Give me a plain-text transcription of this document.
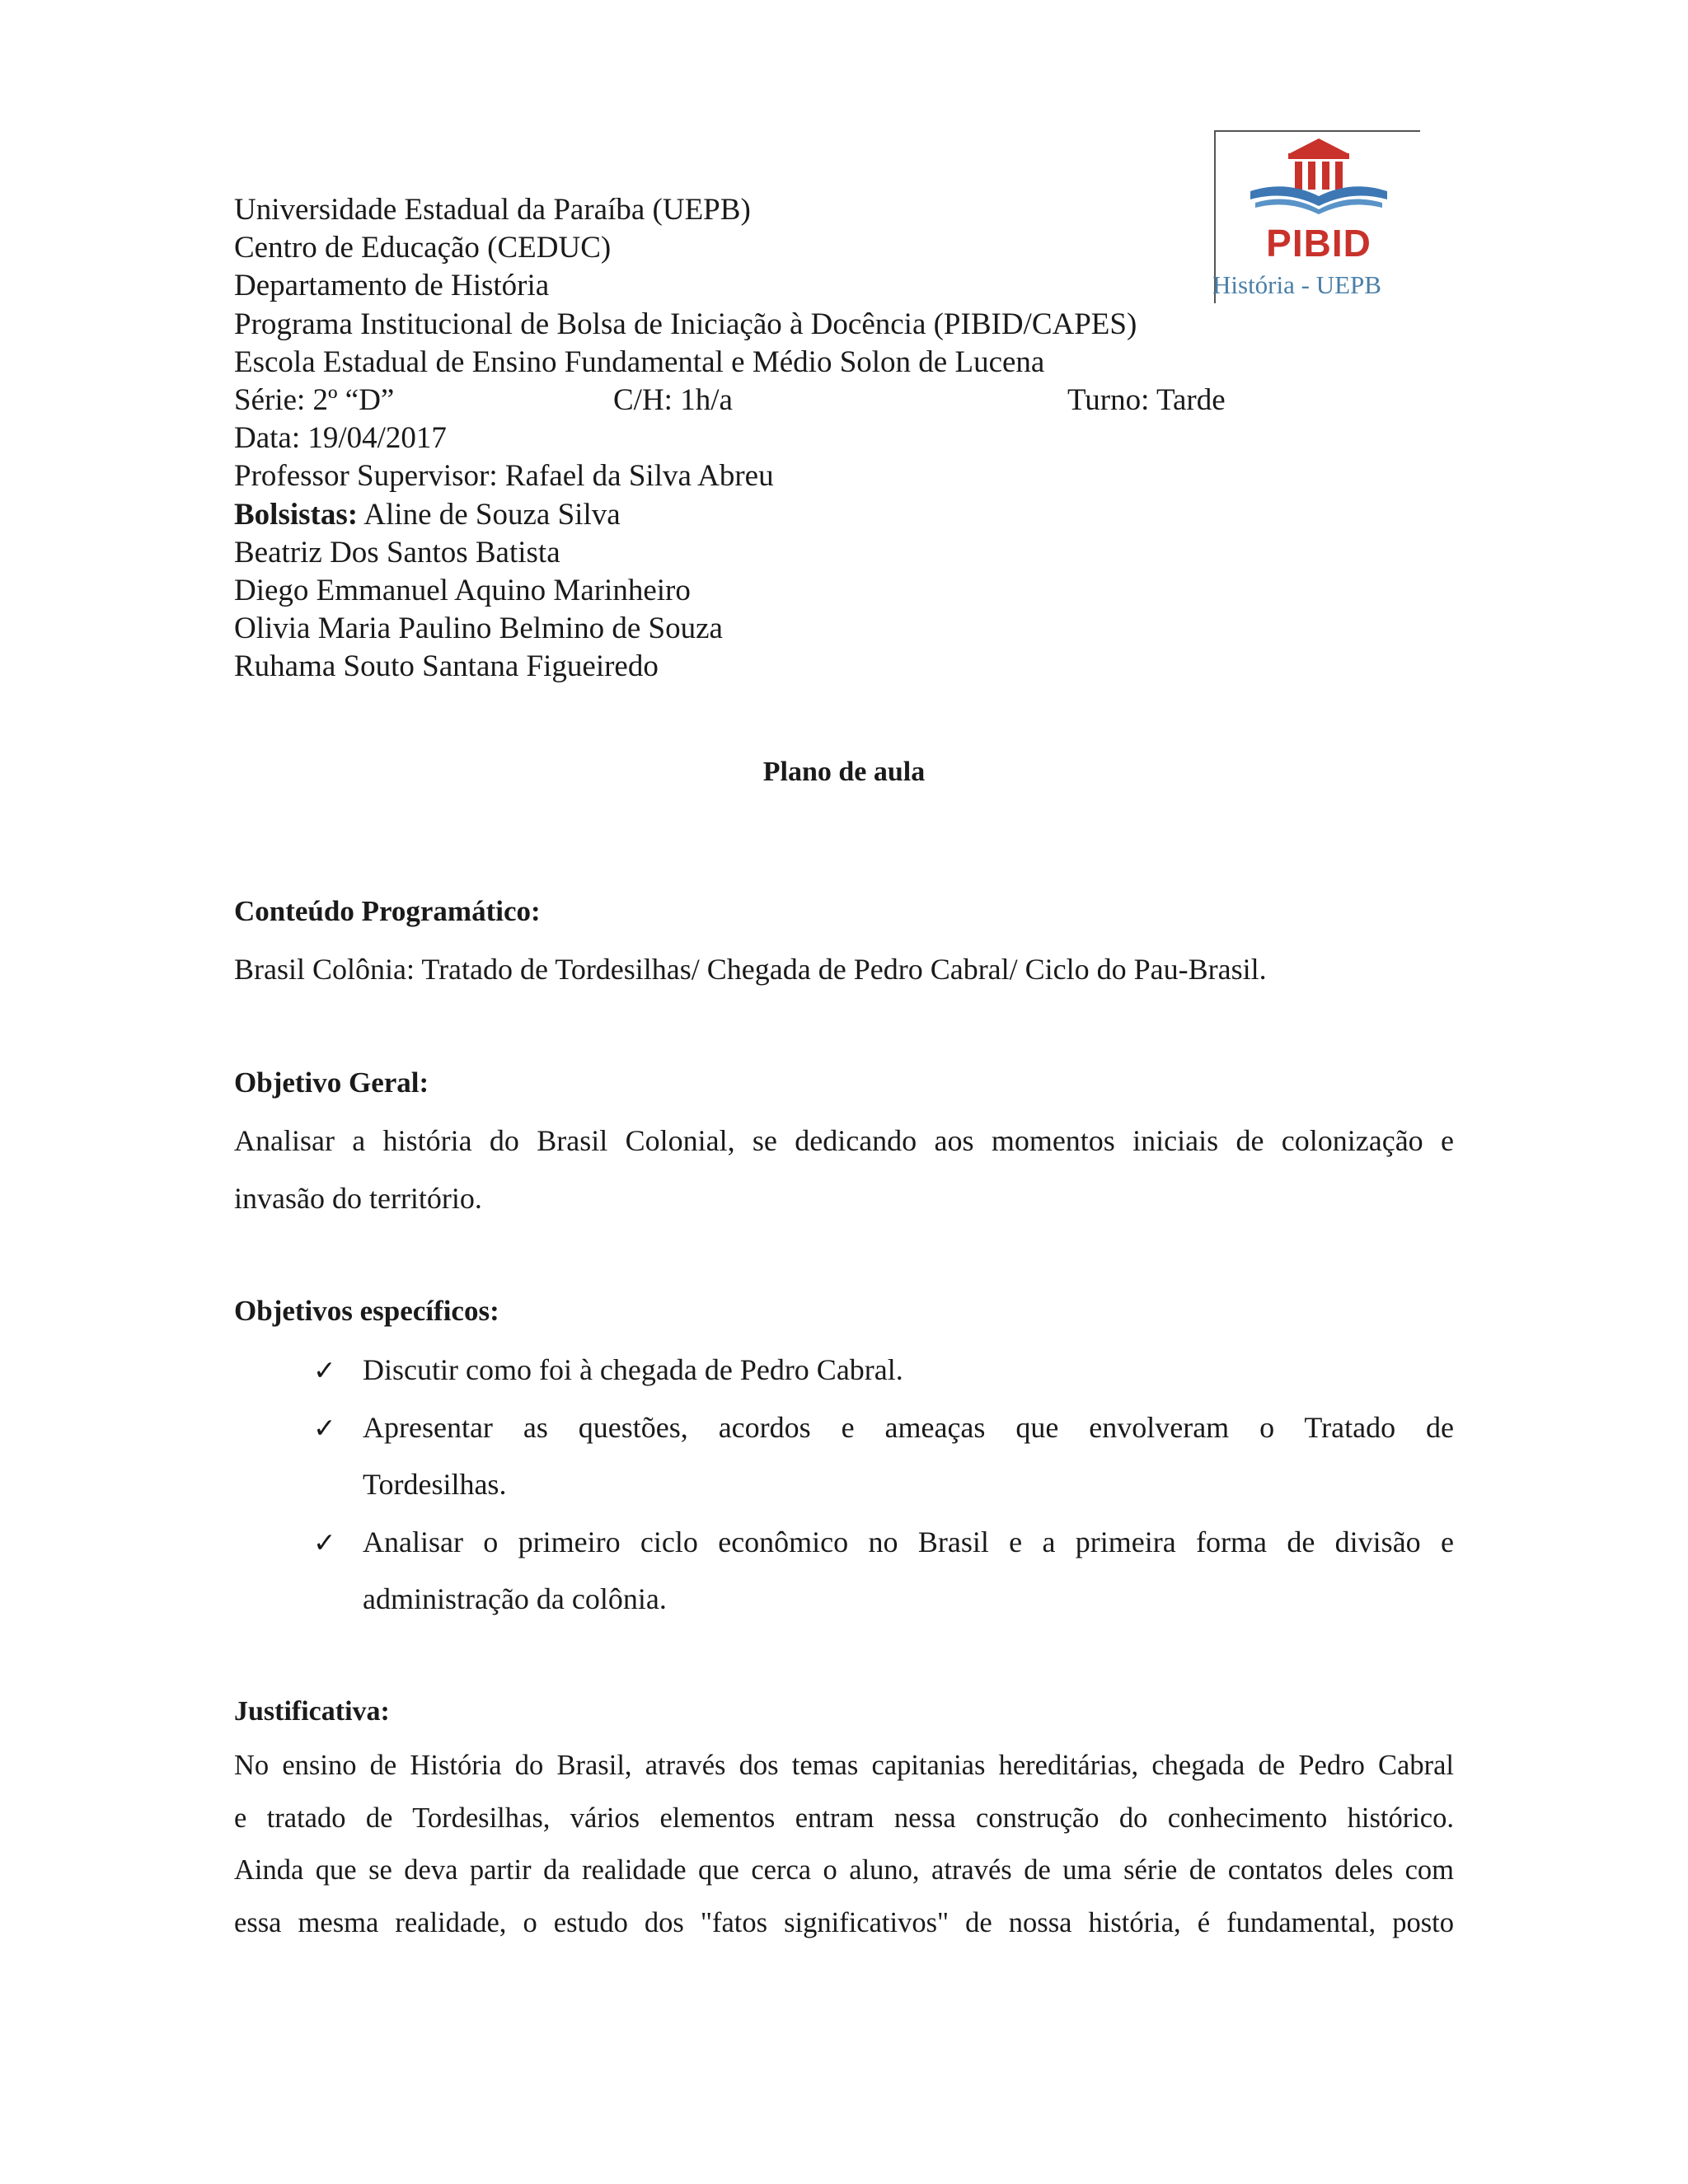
PIBID
História - UEPB
Universidade Estadual da Paraíba (UEPB)
Centro de Educação (CEDUC)
Departamento de História
Programa Institucional de Bolsa de Iniciação à Docência (PIBID/CAPES)
Escola Estadual de Ensino Fundamental e Médio Solon de Lucena
Série: 2º “D”	C/H: 1h/a	Turno: Tarde
Data: 19/04/2017
Professor Supervisor: Rafael da Silva Abreu
Bolsistas: Aline de Souza Silva
Beatriz Dos Santos Batista
Diego Emmanuel Aquino Marinheiro
Olivia Maria Paulino Belmino de Souza
Ruhama Souto Santana Figueiredo
Plano de aula
Conteúdo Programático:
Brasil Colônia: Tratado de Tordesilhas/ Chegada de Pedro Cabral/ Ciclo do Pau-Brasil.
Objetivo Geral:
Analisar a história do Brasil Colonial, se dedicando aos momentos iniciais de colonização e
invasão do território.
Objetivos específicos:
✓ Discutir como foi à chegada de Pedro Cabral.
✓ Apresentar as questões, acordos e ameaças que envolveram o Tratado de
Tordesilhas.
✓ Analisar o primeiro ciclo econômico no Brasil e a primeira forma de divisão e
administração da colônia.
Justificativa:
No ensino de História do Brasil, através dos temas capitanias hereditárias, chegada de Pedro Cabral
e tratado de Tordesilhas, vários elementos entram nessa construção do conhecimento histórico.
Ainda que se deva partir da realidade que cerca o aluno, através de uma série de contatos deles com
essa mesma realidade, o estudo dos "fatos significativos" de nossa história, é fundamental, posto
